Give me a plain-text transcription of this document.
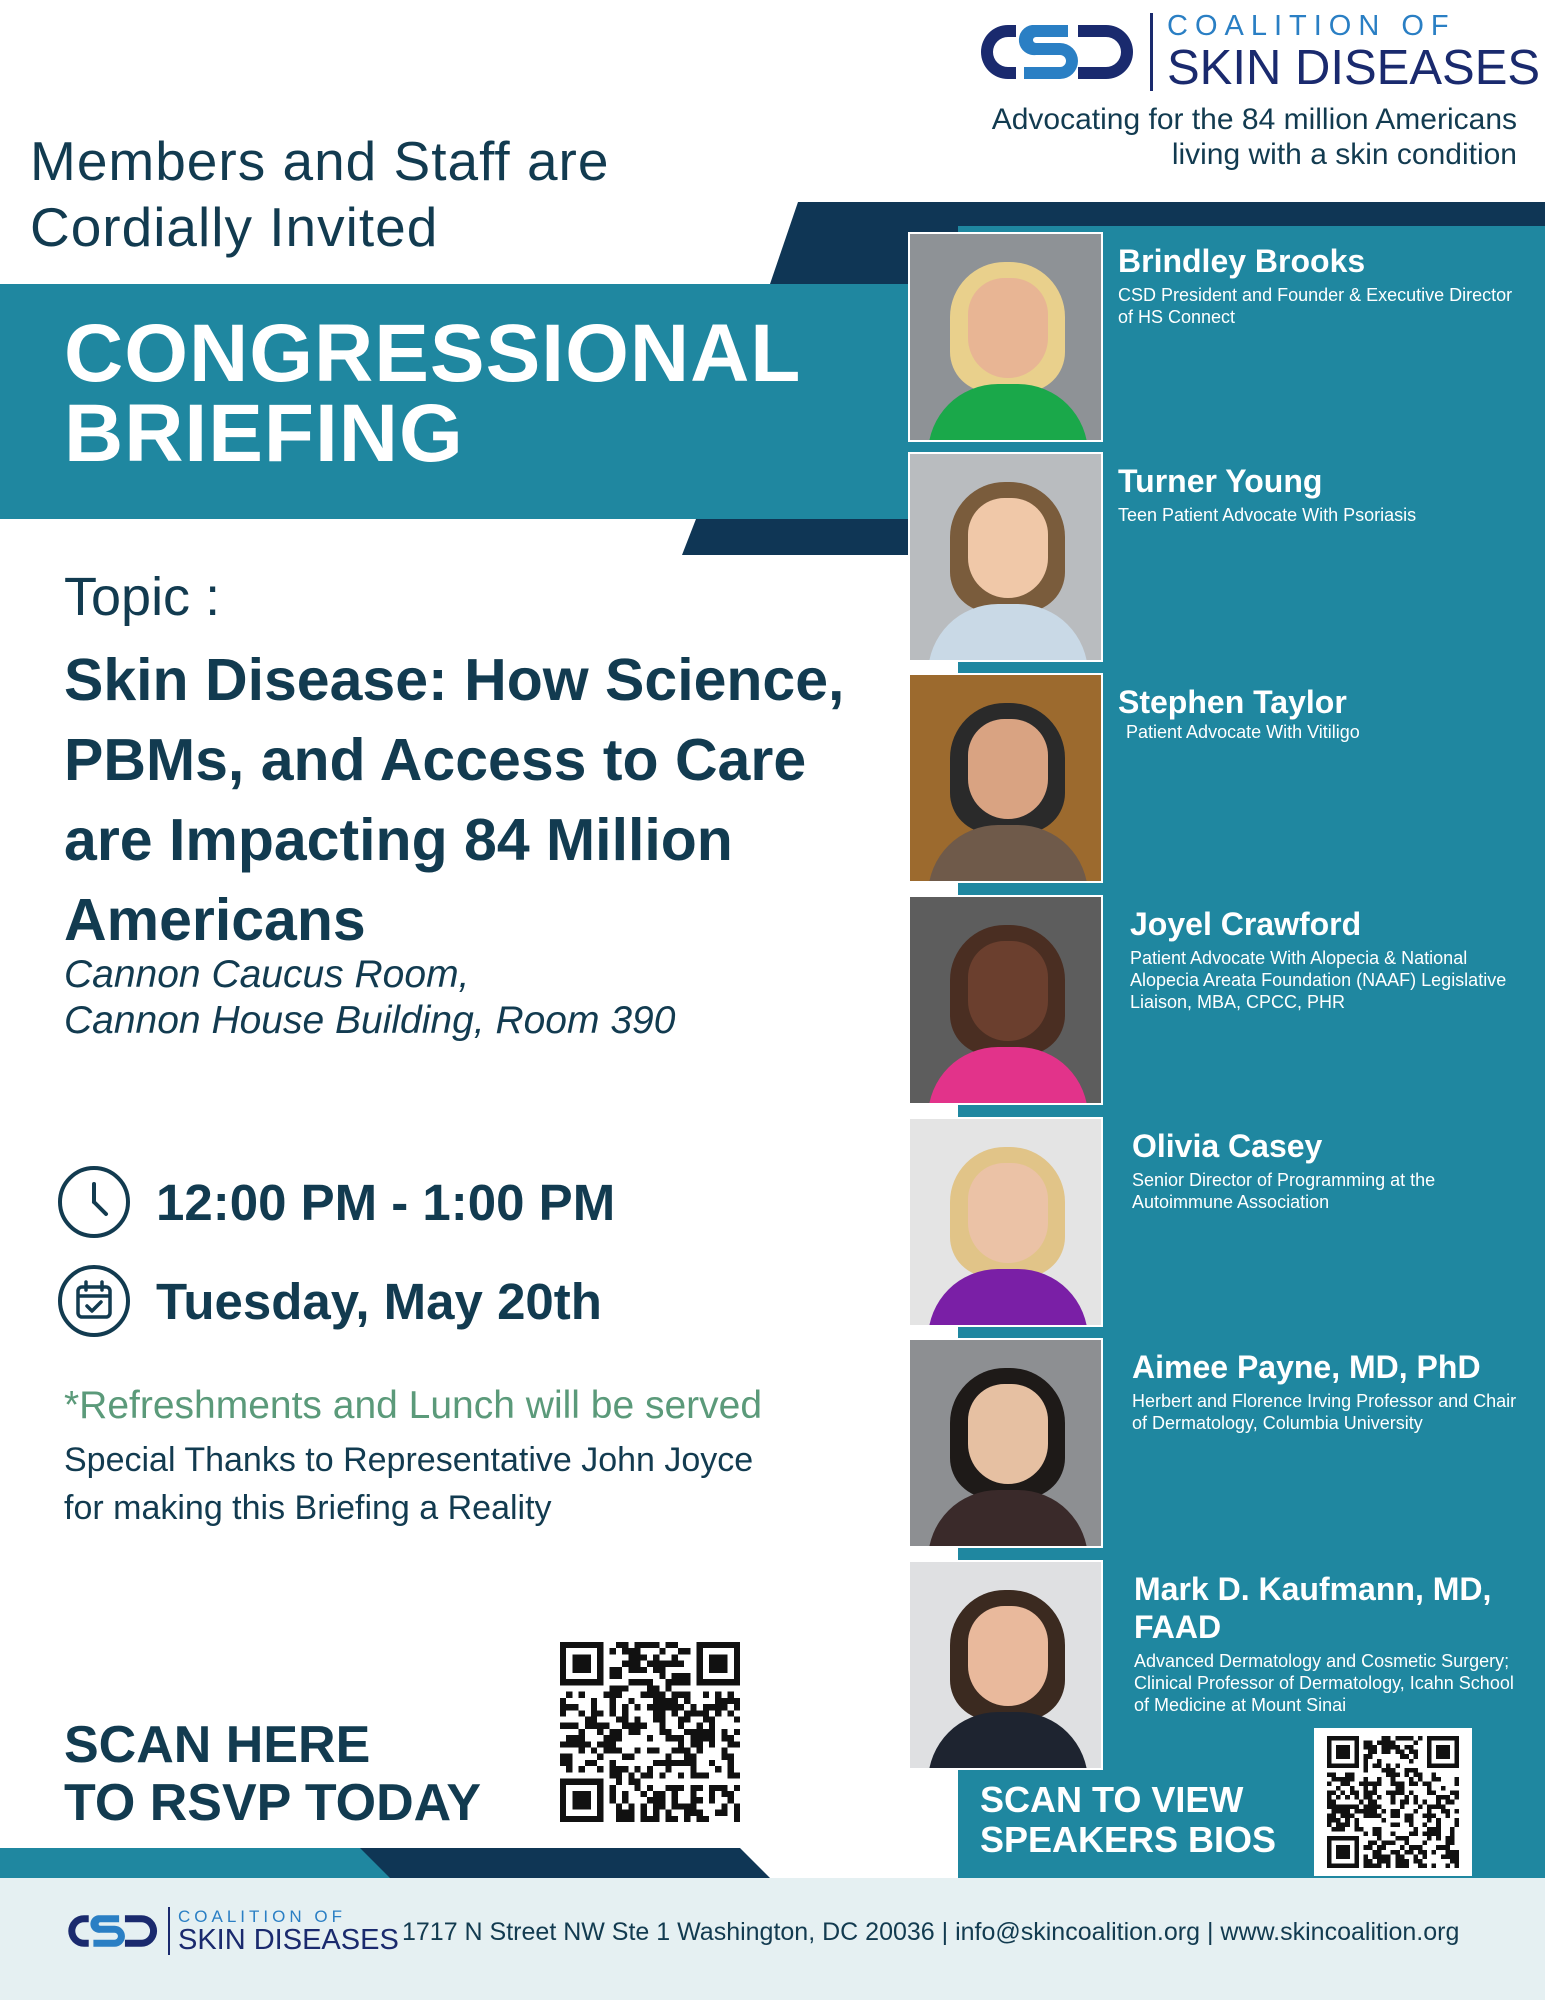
COALITION OF
SKIN DISEASES
Advocating for the 84 million Americans
living with a skin condition
Members and Staff are
Cordially Invited
CONGRESSIONAL
BRIEFING
Topic :
Skin Disease: How Science, PBMs, and Access to Care are Impacting 84 Million Americans
Cannon Caucus Room,
Cannon House Building, Room 390
12:00 PM - 1:00 PM
Tuesday, May 20th
*Refreshments and Lunch will be served
Special Thanks to Representative John Joyce
for making this Briefing a Reality
SCAN HERE
TO RSVP TODAY
Brindley Brooks
CSD President and Founder & Executive Director of HS Connect
Turner Young
Teen Patient Advocate With Psoriasis
Stephen Taylor
Patient Advocate With Vitiligo
Joyel Crawford
Patient Advocate With Alopecia & National Alopecia Areata Foundation (NAAF) Legislative Liaison, MBA, CPCC, PHR
Olivia Casey
Senior Director of Programming at the Autoimmune Association
Aimee Payne, MD, PhD
Herbert and Florence Irving Professor and Chair of Dermatology, Columbia University
Mark D. Kaufmann, MD, FAAD
Advanced Dermatology and Cosmetic Surgery; Clinical Professor of Dermatology, Icahn School of Medicine at Mount Sinai
SCAN TO VIEW
SPEAKERS BIOS
COALITION OF
SKIN DISEASES 1717 N Street NW Ste 1 Washington, DC 20036 | info@skincoalition.org | www.skincoalition.org
